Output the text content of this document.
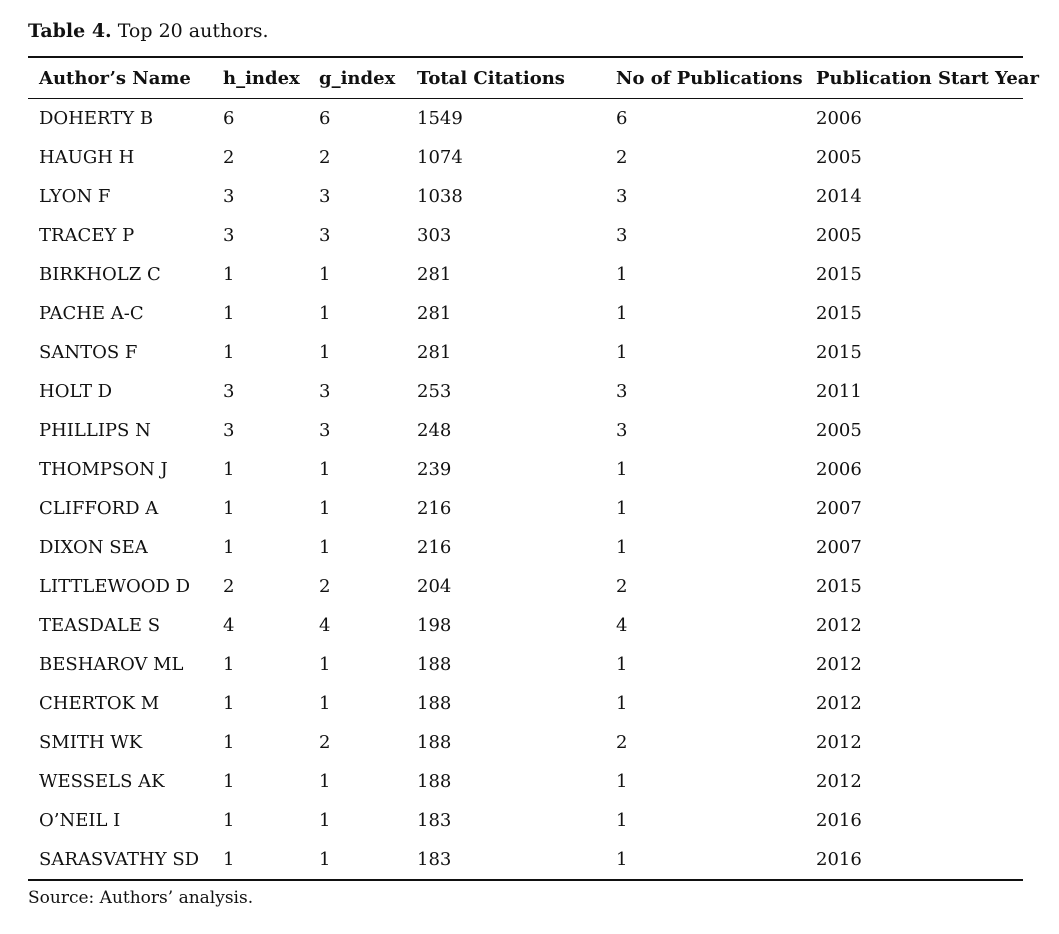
Table 4. Top 20 authors.
Author’s Name	h_index	g_index	Total Citations	No of Publications	Publication Start Year
DOHERTY B	6	6	1549	6	2006
HAUGH H	2	2	1074	2	2005
LYON F	3	3	1038	3	2014
TRACEY P	3	3	303	3	2005
BIRKHOLZ C	1	1	281	1	2015
PACHE A-C	1	1	281	1	2015
SANTOS F	1	1	281	1	2015
HOLT D	3	3	253	3	2011
PHILLIPS N	3	3	248	3	2005
THOMPSON J	1	1	239	1	2006
CLIFFORD A	1	1	216	1	2007
DIXON SEA	1	1	216	1	2007
LITTLEWOOD D	2	2	204	2	2015
TEASDALE S	4	4	198	4	2012
BESHAROV ML	1	1	188	1	2012
CHERTOK M	1	1	188	1	2012
SMITH WK	1	2	188	2	2012
WESSELS AK	1	1	188	1	2012
O’NEIL I	1	1	183	1	2016
SARASVATHY SD	1	1	183	1	2016
Source: Authors’ analysis.
